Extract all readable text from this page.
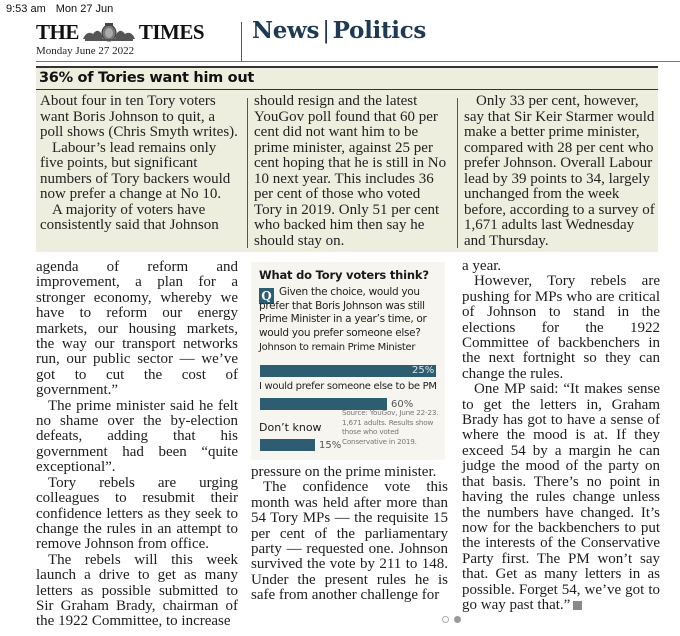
9:53 am Mon 27 Jun
THE	TIMES
Monday June 27 2022
News | Politics
36% of Tories want him out

About four in ten Tory voters want Boris Johnson to quit, a poll shows (Chris Smyth writes).

Labour’s lead remains only five points, but significant numbers of Tory backers would now prefer a change at No 10.

A majority of voters have consistently said that Johnson

should resign and the latest YouGov poll found that 60 per cent did not want him to be prime minister, against 25 per cent hoping that he is still in No 10 next year. This includes 36 per cent of those who voted Tory in 2019. Only 51 per cent who backed him then say he should stay on.

Only 33 per cent, however, say that Sir Keir Starmer would make a better prime minister, compared with 28 per cent who prefer Johnson. Overall Labour lead by 39 points to 34, largely unchanged from the week before, according to a survey of 1,671 adults last Wednesday and Thursday.

agenda of reform and improvement, a plan for a stronger economy, whereby we have to reform our energy markets, our housing markets, the way our transport networks run, our public sector — we’ve got to cut the cost of government.”

The prime minister said he felt no shame over the by-election defeats, adding that his government had been “quite exceptional”.

Tory rebels are urging colleagues to resubmit their confidence letters as they seek to change the rules in an attempt to remove Johnson from office.

The rebels will this week launch a drive to get as many letters as possible submitted to Sir Graham Brady, chairman of the 1922 Committee, to increase

What do Tory voters think?
Q Given the choice, would you prefer that Boris Johnson was still Prime Minister in a year’s time, or would you prefer someone else?
Johnson to remain Prime Minister
25%
I would prefer someone else to be PM
60%
Don’t know
15%
Source: YouGov, June 22-23. 1,671 adults. Results show those who voted Conservative in 2019.

pressure on the prime minister.

The confidence vote this month was held after more than 54 Tory MPs — the requisite 15 per cent of the parliamentary party — requested one. Johnson survived the vote by 211 to 148. Under the present rules he is safe from another challenge for

a year.

However, Tory rebels are pushing for MPs who are critical of Johnson to stand in the elections for the 1922 Committee of backbenchers in the next fortnight so they can change the rules.

One MP said: “It makes sense to get the letters in, Graham Brady has got to have a sense of where the mood is at. If they exceed 54 by a margin he can judge the mood of the party on that basis. There’s no point in having the rules change unless the numbers have changed. It’s now for the backbenchers to put the interests of the Conservative Party first. The PM won’t say that. Get as many letters in as possible. Forget 54, we’ve got to go way past that.”
